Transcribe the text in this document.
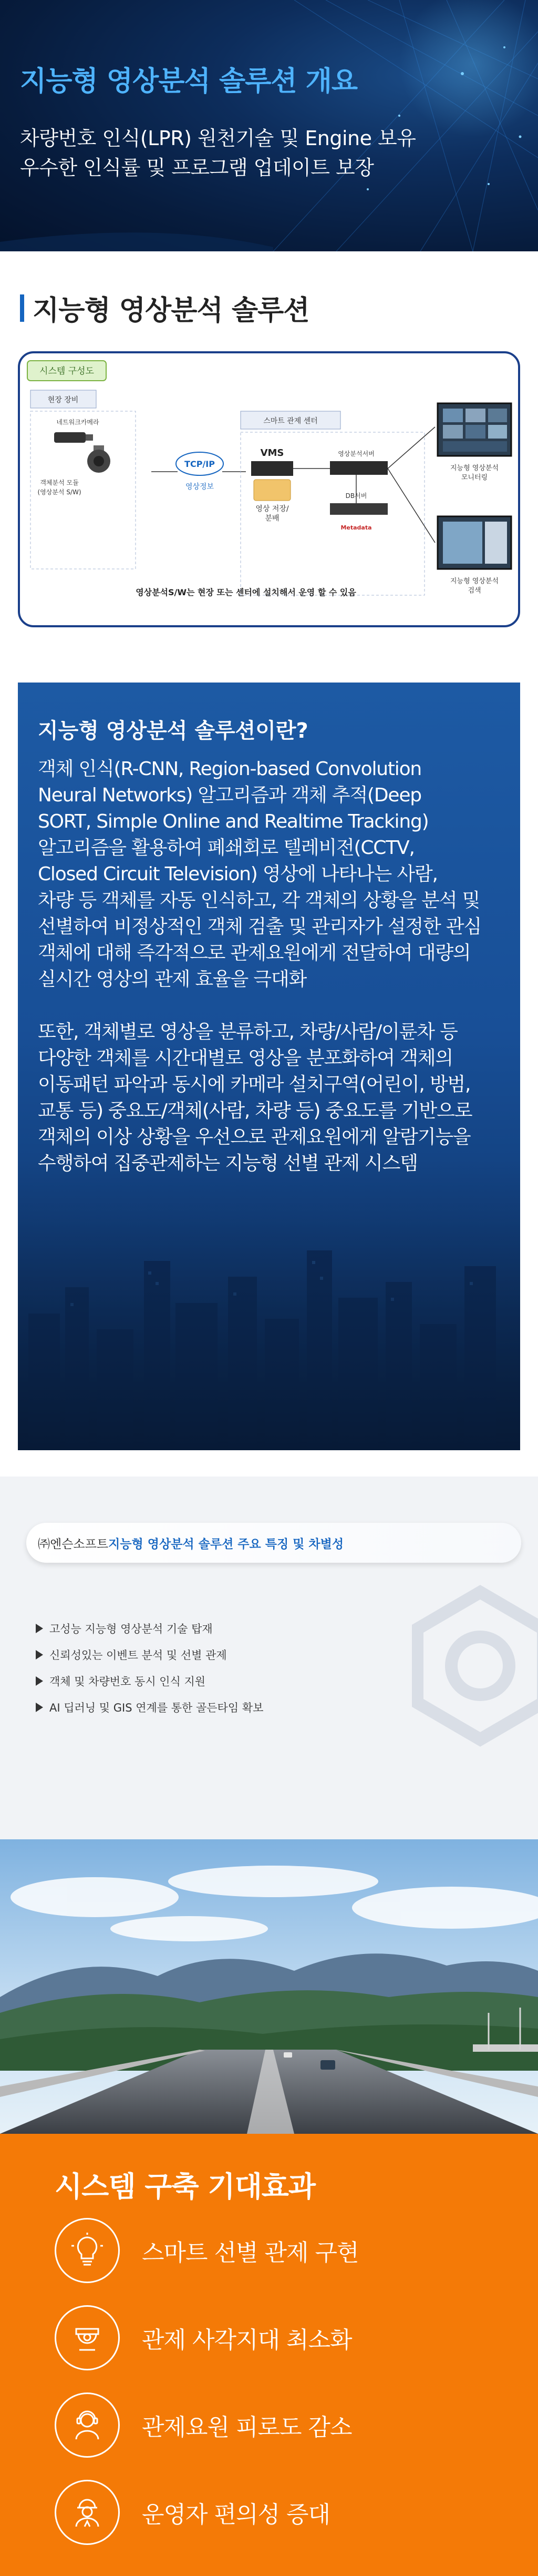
지능형 영상분석 솔루션 개요
차량번호 인식(LPR) 원천기술 및 Engine 보유
우수한 인식률 및 프로그램 업데이트 보장
지능형 영상분석 솔루션
시스템 구성도
현장 장비
네트워크카메라
객체분석 모듈
(영상분석 S/W)
TCP/IP
영상정보
스마트 관제 센터
VMS
영상 저장/
분배
영상분석서버
DB서버
Metadata
지능형 영상분석
모니터링
지능형 영상분석
검색
영상분석S/W는 현장 또는 센터에 설치해서 운영 할 수 있음
지능형 영상분석 솔루션이란?
객체 인식(R-CNN, Region-based Convolution
Neural Networks) 알고리즘과 객체 추적(Deep
SORT, Simple Online and Realtime Tracking)
알고리즘을 활용하여 폐쇄회로 텔레비전(CCTV,
Closed Circuit Television) 영상에 나타나는 사람,
차량 등 객체를 자동 인식하고, 각 객체의 상황을 분석 및
선별하여 비정상적인 객체 검출 및 관리자가 설정한 관심
객체에 대해 즉각적으로 관제요원에게 전달하여 대량의
실시간 영상의 관제 효율을 극대화
또한, 객체별로 영상을 분류하고, 차량/사람/이륜차 등
다양한 객체를 시간대별로 영상을 분포화하여 객체의
이동패턴 파악과 동시에 카메라 설치구역(어린이, 방범,
교통 등) 중요도/객체(사람, 차량 등) 중요도를 기반으로
객체의 이상 상황을 우선으로 관제요원에게 알람기능을
수행하여 집중관제하는 지능형 선별 관제 시스템
㈜엔슨소프트 지능형 영상분석 솔루션 주요 특징 및 차별성
고성능 지능형 영상분석 기술 탑재
신뢰성있는 이벤트 분석 및 선별 관제
객체 및 차량번호 동시 인식 지원
AI 딥러닝 및 GIS 연계를 통한 골든타임 확보
시스템 구축 기대효과
스마트 선별 관제 구현
관제 사각지대 최소화
관제요원 피로도 감소
운영자 편의성 증대
